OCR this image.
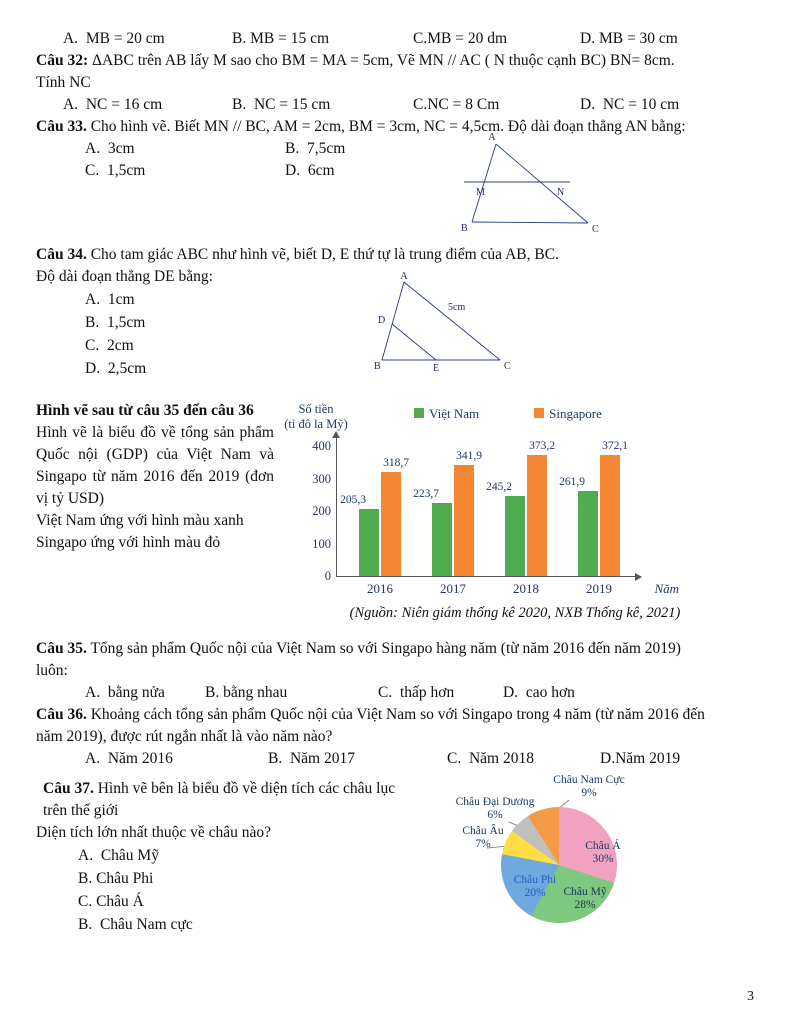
A.  MB = 20 cm	B. MB = 15 cm	C.MB = 20 dm	D. MB = 30 cm

Câu 32: ΔABC trên AB lấy M sao cho BM = MA = 5cm, Vẽ MN // AC ( N thuộc cạnh BC) BN= 8cm.

Tính NC

A.  NC = 16 cm	B.  NC = 15 cm	C.NC = 8 Cm	D.  NC = 10 cm

Câu 33. Cho hình vẽ. Biết MN // BC, AM = 2cm, BM = 3cm, NC = 4,5cm. Độ dài đoạn thẳng AN bằng:

A.  3cm	B.  7,5cm
C.  1,5cm	D.  6cm
A
M	N
B	C

Câu 34. Cho tam giác ABC như hình vẽ, biết D, E thứ tự là trung điểm của AB, BC.

Độ dài đoạn thẳng DE bằng:

A.  1cm
B.  1,5cm
C.  2cm
D.  2,5cm
A
D
B	E	C
5cm

Hình vẽ sau từ câu 35 đến câu 36

Hình vẽ là biểu đồ về tổng sản phẩm Quốc nội (GDP) của Việt Nam và Singapo từ năm 2016 đến 2019 (đơn vị tỷ USD)

Việt Nam ứng với hình màu xanh

Singapo ứng với hình màu đỏ

Số tiền
(tỉ đô la Mỹ)
Việt Nam	Singapore
Năm
0
100
200
300
400
2016
205,3
318,7
2017
223,7
341,9
2018
245,2
373,2
2019
261,9
372,1

(Nguồn: Niên giám thống kê 2020, NXB Thống kê, 2021)

Câu 35. Tổng sản phẩm Quốc nội của Việt Nam so với Singapo hàng năm (từ năm 2016 đến năm 2019)
luôn:

A.  bằng nửa	B. bằng nhau	C.  thấp hơn	D.  cao hơn

Câu 36. Khoảng cách tổng sản phẩm Quốc nội của Việt Nam so với Singapo trong 4 năm (từ năm 2016 đến
năm 2019), được rút ngắn nhất là vào năm nào?

A.  Năm 2016	B.  Năm 2017	C.  Năm 2018	D.Năm 2019

Câu 37. Hình vẽ bên là biểu đồ về diện tích các châu lục
trên thế giới

Diện tích lớn nhất thuộc về châu nào?

A.  Châu Mỹ
B. Châu Phi
C. Châu Á
B.  Châu Nam cực
Châu Nam Cực
9%
Châu Đại Dương
6%
Châu Âu
7%	Châu Á
30%
Châu Mỹ
28%
Châu Phi
20%
3
